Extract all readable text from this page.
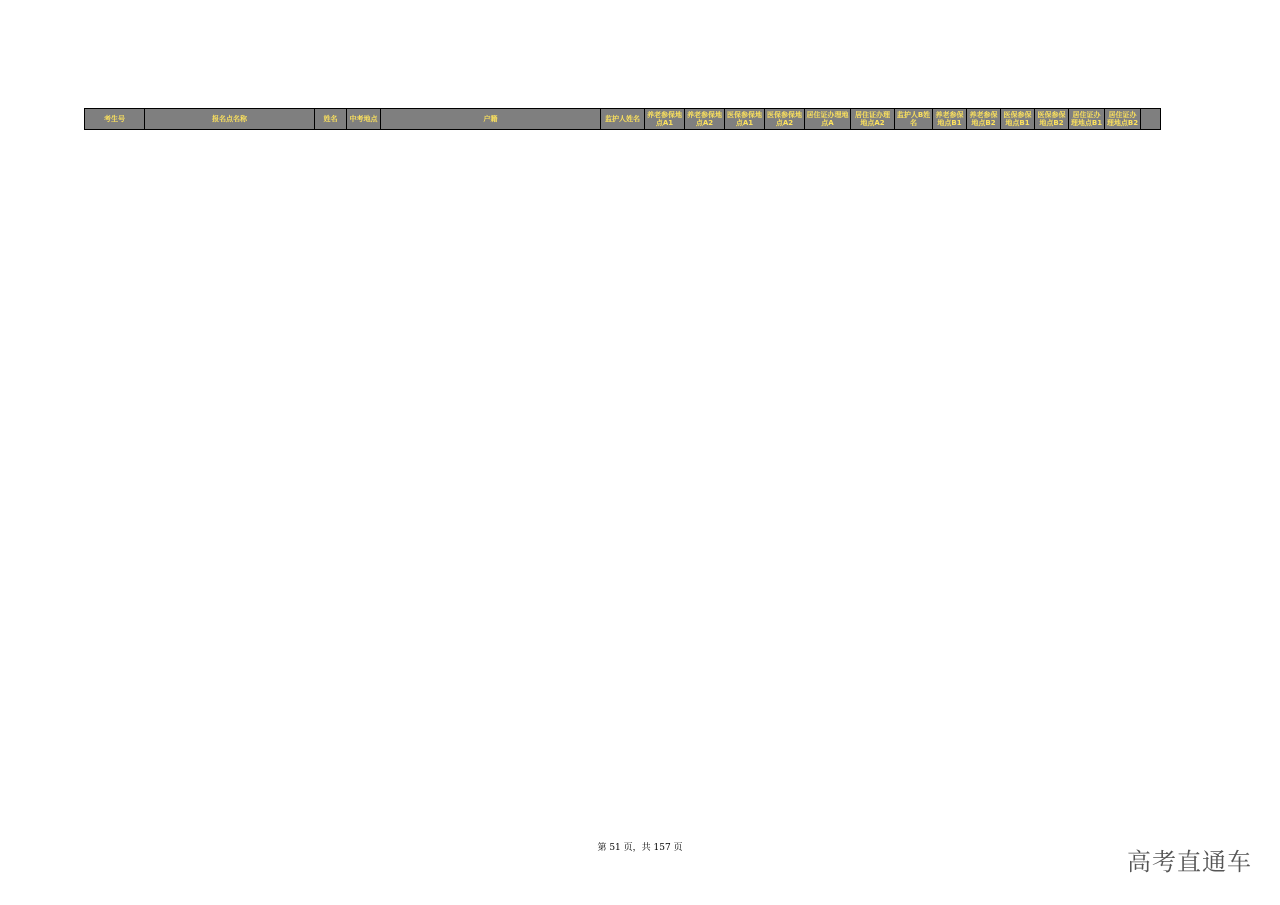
考生号	报名点名称	姓名	中考地点	户籍	监护人姓名	养老参保地点A1	养老参保地点A2	医保参保地点A1	医保参保地点A2	居住证办理地点A	居住证办理地点A2	监护人B姓名	养老参保地点B1	养老参保地点B2	医保参保地点B1	医保参保地点B2	居住证办理地点B1	居住证办理地点B2	
第 51 页，共 157 页	高考直通车
